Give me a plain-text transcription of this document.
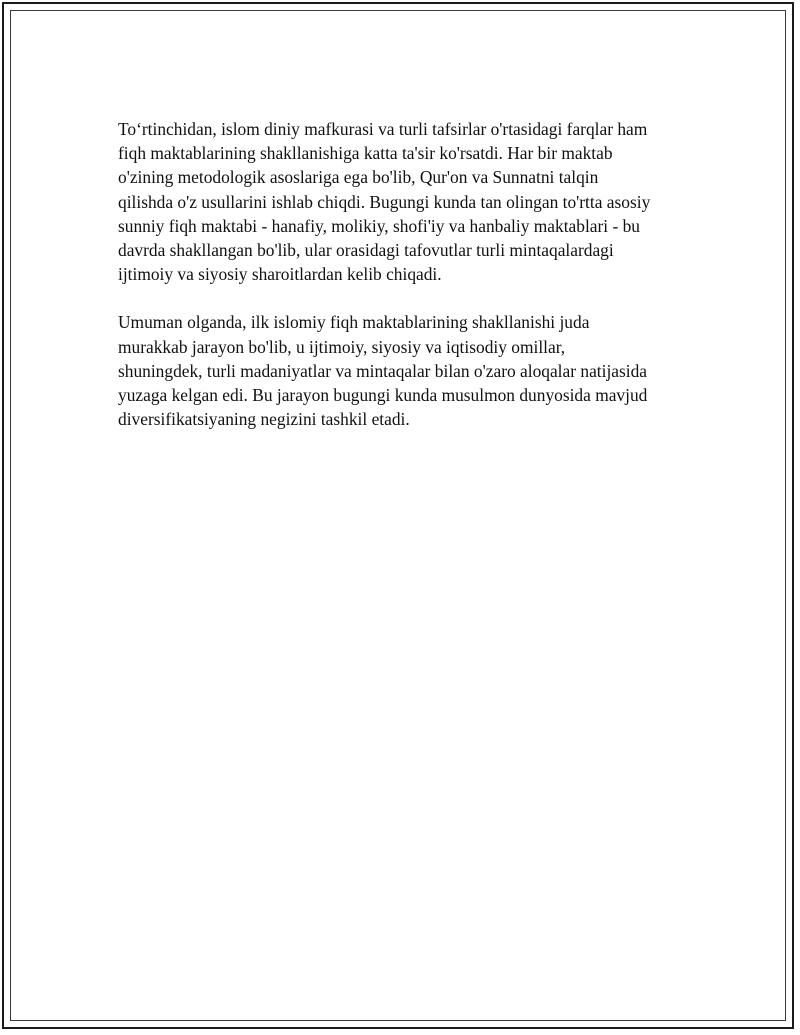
To‘rtinchidan, islom diniy mafkurasi va turli tafsirlar o'rtasidagi farqlar ham
fiqh maktablarining shakllanishiga katta ta'sir ko'rsatdi. Har bir maktab
o'zining metodologik asoslariga ega bo'lib, Qur'on va Sunnatni talqin
qilishda o'z usullarini ishlab chiqdi. Bugungi kunda tan olingan to'rtta asosiy
sunniy fiqh maktabi - hanafiy, molikiy, shofi'iy va hanbaliy maktablari - bu
davrda shakllangan bo'lib, ular orasidagi tafovutlar turli mintaqalardagi
ijtimoiy va siyosiy sharoitlardan kelib chiqadi.

Umuman olganda, ilk islomiy fiqh maktablarining shakllanishi juda
murakkab jarayon bo'lib, u ijtimoiy, siyosiy va iqtisodiy omillar,
shuningdek, turli madaniyatlar va mintaqalar bilan o'zaro aloqalar natijasida
yuzaga kelgan edi. Bu jarayon bugungi kunda musulmon dunyosida mavjud
diversifikatsiyaning negizini tashkil etadi.
